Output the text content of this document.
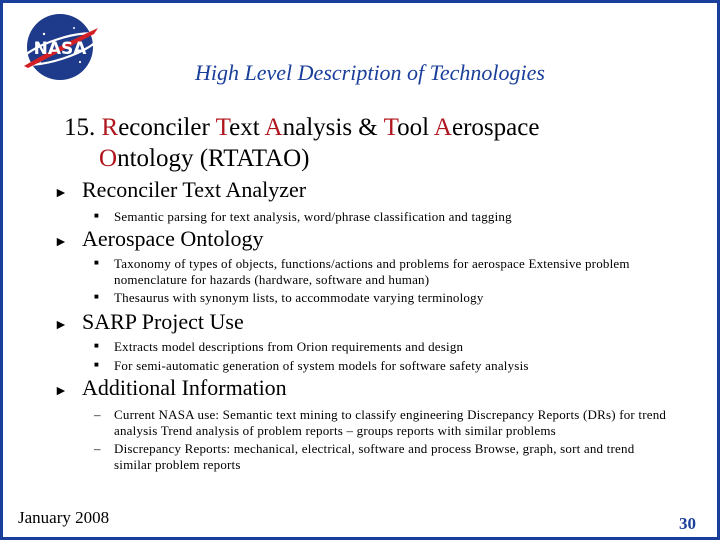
NASA
High Level Description of Technologies
15. Reconciler Text Analysis & Tool Aerospace
Ontology (RTATAO)
► Reconciler Text Analyzer
■	Semantic parsing for text analysis, word/phrase classification and tagging
► Aerospace Ontology
■	Taxonomy of types of objects, functions/actions and problems for aerospace Extensive problem nomenclature for hazards (hardware, software and human)
■	Thesaurus with synonym lists, to accommodate varying terminology
► SARP Project Use
■	Extracts model descriptions from Orion requirements and design
■	For semi-automatic generation of system models for software safety analysis
► Additional Information
–	Current NASA use: Semantic text mining to classify engineering Discrepancy Reports (DRs) for trend analysis Trend analysis of problem reports – groups reports with similar problems
–	Discrepancy Reports: mechanical, electrical, software and process Browse, graph, sort and trend similar problem reports
January 2008	30
